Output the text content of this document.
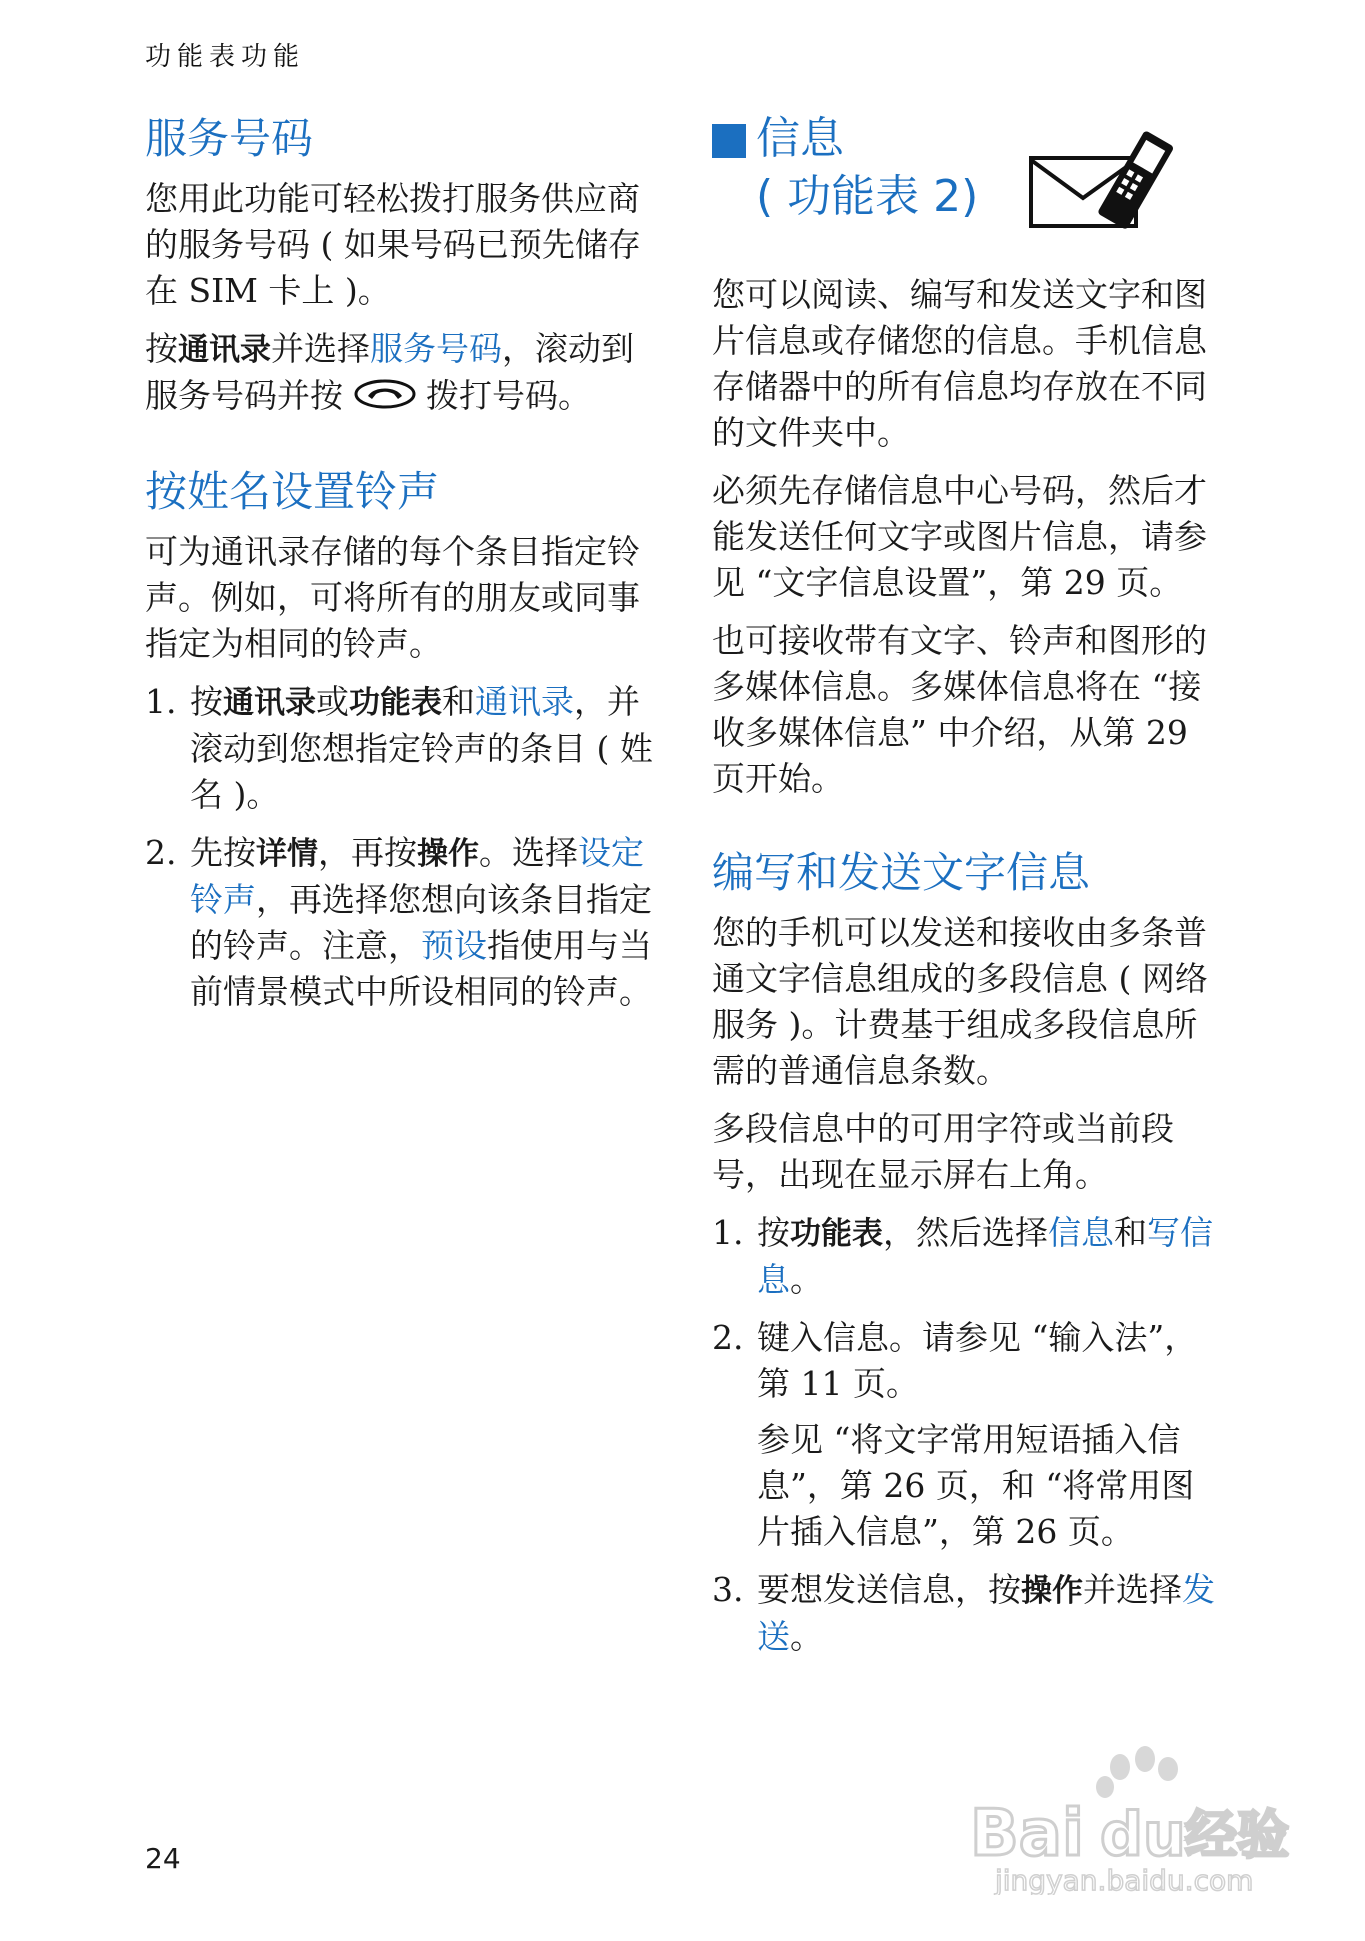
功能表功能
服务号码

您用此功能可轻松拨打服务供应商的服务号码 ( 如果号码已预先储存在 SIM 卡上 )。

按通讯录并选择服务号码，滚动到服务号码并按  拨打号码。

按姓名设置铃声

可为通讯录存储的每个条目指定铃声。例如，可将所有的朋友或同事指定为相同的铃声。

1. 按通讯录或功能表和通讯录，并滚动到您想指定铃声的条目 ( 姓名 )。
2. 先按详情，再按操作。选择设定铃声，再选择您想向该条目指定的铃声。注意，预设指使用与当前情景模式中所设相同的铃声。
信息
( 功能表 2)

您可以阅读、编写和发送文字和图片信息或存储您的信息。手机信息存储器中的所有信息均存放在不同的文件夹中。

必须先存储信息中心号码，然后才能发送任何文字或图片信息，请参见 “文字信息设置”，第 29 页。

也可接收带有文字、铃声和图形的多媒体信息。多媒体信息将在 “接收多媒体信息” 中介绍，从第 29 页开始。

编写和发送文字信息

您的手机可以发送和接收由多条普通文字信息组成的多段信息 ( 网络服务 )。计费基于组成多段信息所需的普通信息条数。

多段信息中的可用字符或当前段号，出现在显示屏右上角。

1. 按功能表，然后选择信息和写信息。
2. 键入信息。请参见 “输入法”，第 11 页。

参见 “将文字常用短语插入信息”，第 26 页，和 “将常用图片插入信息”，第 26 页。

3. 要想发送信息，按操作并选择发送。
24	Bai du 经验
jingyan.baidu.com
